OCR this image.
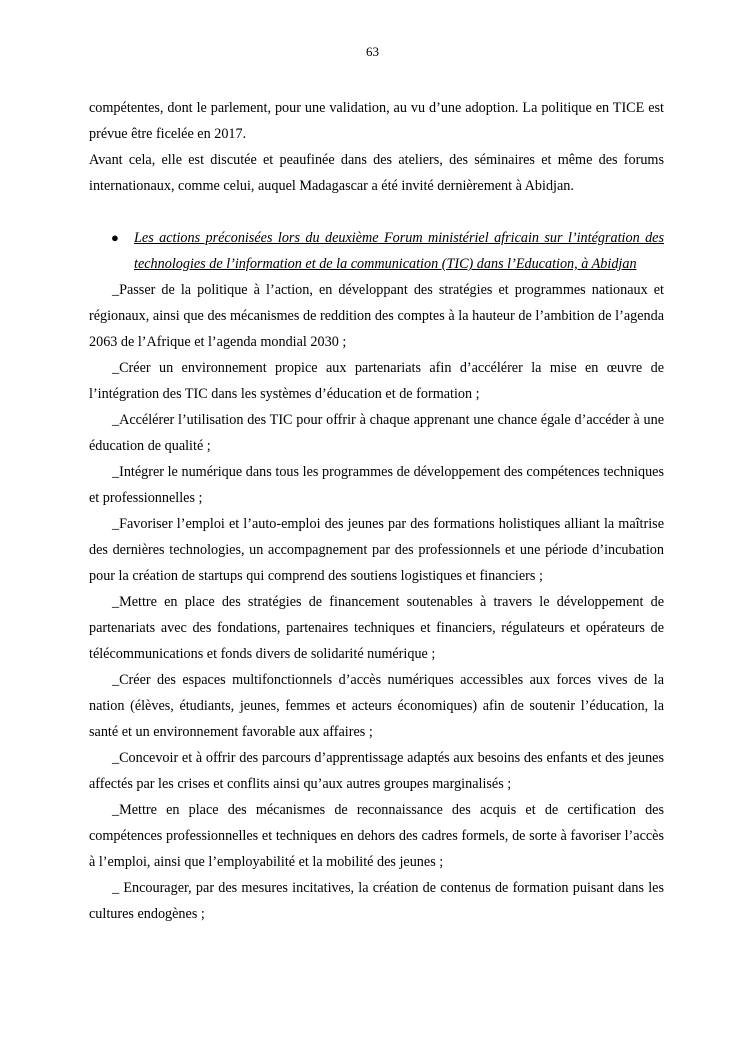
63

compétentes, dont le parlement, pour une validation, au vu d’une adoption. La politique en TICE est prévue être ficelée en 2017.

Avant cela, elle est discutée et peaufinée dans des ateliers, des séminaires et même des forums internationaux, comme celui, auquel Madagascar a été invité dernièrement à Abidjan.

● Les actions préconisées lors du deuxième Forum ministériel africain sur l’intégration des technologies de l’information et de la communication (TIC) dans l’Education, à Abidjan

_Passer de la politique à l’action, en développant des stratégies et programmes nationaux et régionaux, ainsi que des mécanismes de reddition des comptes à la hauteur de l’ambition de l’agenda 2063 de l’Afrique et l’agenda mondial 2030 ;

_Créer un environnement propice aux partenariats afin d’accélérer la mise en œuvre de l’intégration des TIC dans les systèmes d’éducation et de formation ;

_Accélérer l’utilisation des TIC pour offrir à chaque apprenant une chance égale d’accéder à une éducation de qualité ;

_Intégrer le numérique dans tous les programmes de développement des compétences techniques et professionnelles ;

_Favoriser l’emploi et l’auto-emploi des jeunes par des formations holistiques alliant la maîtrise des dernières technologies, un accompagnement par des professionnels et une période d’incubation pour la création de startups qui comprend des soutiens logistiques et financiers ;

_Mettre en place des stratégies de financement soutenables à travers le développement de partenariats avec des fondations, partenaires techniques et financiers, régulateurs et opérateurs de télécommunications et fonds divers de solidarité numérique ;

_Créer des espaces multifonctionnels d’accès numériques accessibles aux forces vives de la nation (élèves, étudiants, jeunes, femmes et acteurs économiques) afin de soutenir l’éducation, la santé et un environnement favorable aux affaires ;

_Concevoir et à offrir des parcours d’apprentissage adaptés aux besoins des enfants et des jeunes affectés par les crises et conflits ainsi qu’aux autres groupes marginalisés ;

_Mettre en place des mécanismes de reconnaissance des acquis et de certification des compétences professionnelles et techniques en dehors des cadres formels, de sorte à favoriser l’accès à l’emploi, ainsi que l’employabilité et la mobilité des jeunes ;

_ Encourager, par des mesures incitatives, la création de contenus de formation puisant dans les cultures endogènes ;
